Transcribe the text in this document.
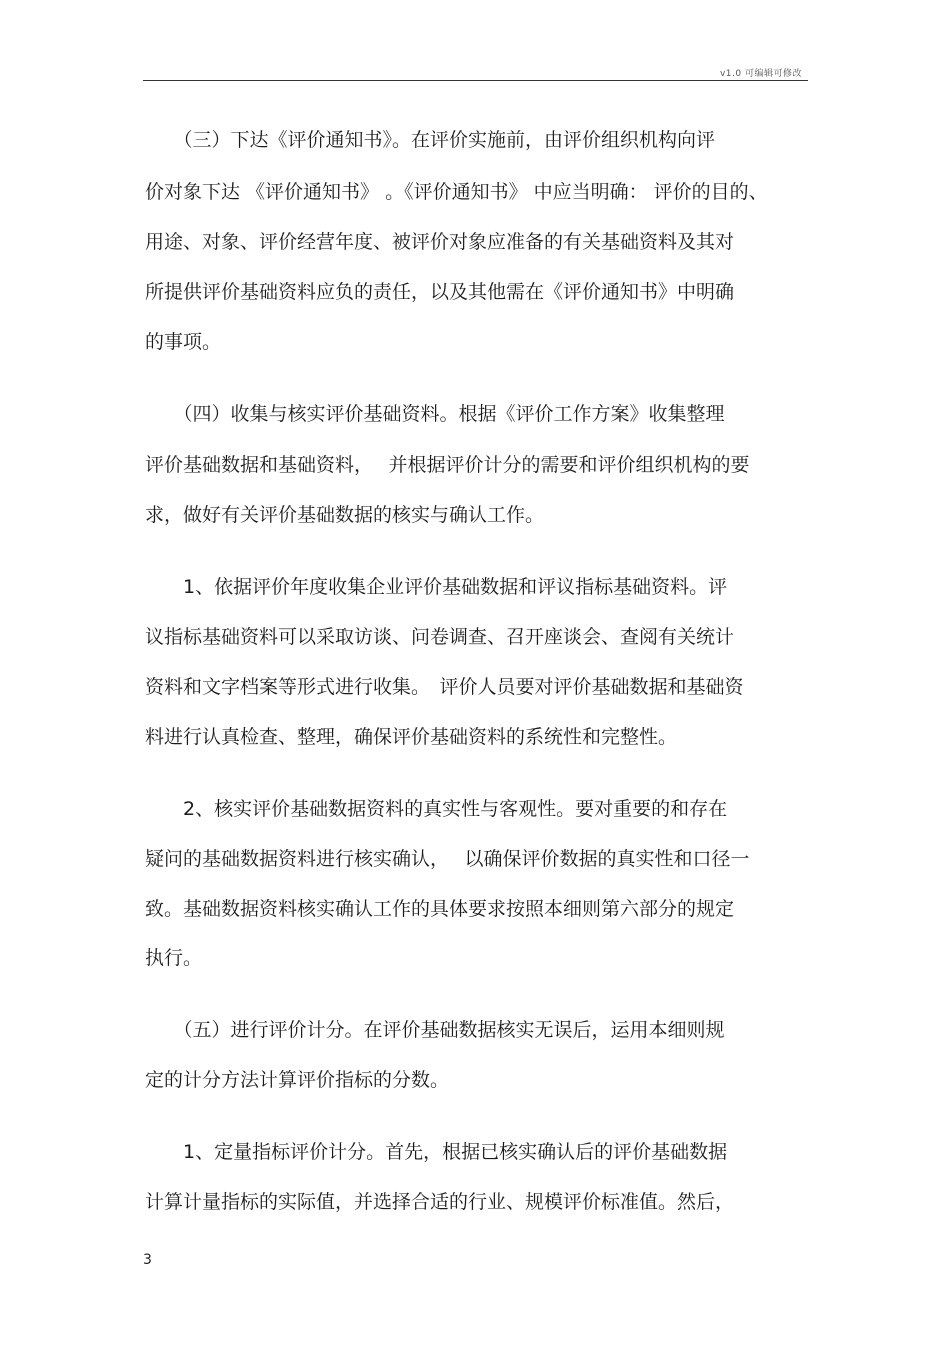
v1.0 可编辑可修改
　　（三）下达《评价通知书》。在评价实施前，由评价组织机构向评
价对象下达 《评价通知书》 。《评价通知书》 中应当明确： 评价的目的、
用途、对象、评价经营年度、被评价对象应准备的有关基础资料及其对
所提供评价基础资料应负的责任，以及其他需在《评价通知书》中明确
的事项。
　　（四）收集与核实评价基础资料。根据《评价工作方案》收集整理
评价基础数据和基础资料，　 并根据评价计分的需要和评价组织机构的要
求，做好有关评价基础数据的核实与确认工作。
　　1、依据评价年度收集企业评价基础数据和评议指标基础资料。评
议指标基础资料可以采取访谈、问卷调查、召开座谈会、查阅有关统计
资料和文字档案等形式进行收集。　评价人员要对评价基础数据和基础资
料进行认真检查、整理，确保评价基础资料的系统性和完整性。
　　2、核实评价基础数据资料的真实性与客观性。要对重要的和存在
疑问的基础数据资料进行核实确认，　 以确保评价数据的真实性和口径一
致。基础数据资料核实确认工作的具体要求按照本细则第六部分的规定
执行。
　　（五）进行评价计分。在评价基础数据核实无误后，运用本细则规
定的计分方法计算评价指标的分数。
　　1、定量指标评价计分。首先，根据已核实确认后的评价基础数据
计算计量指标的实际值，并选择合适的行业、规模评价标准值。然后，
3
